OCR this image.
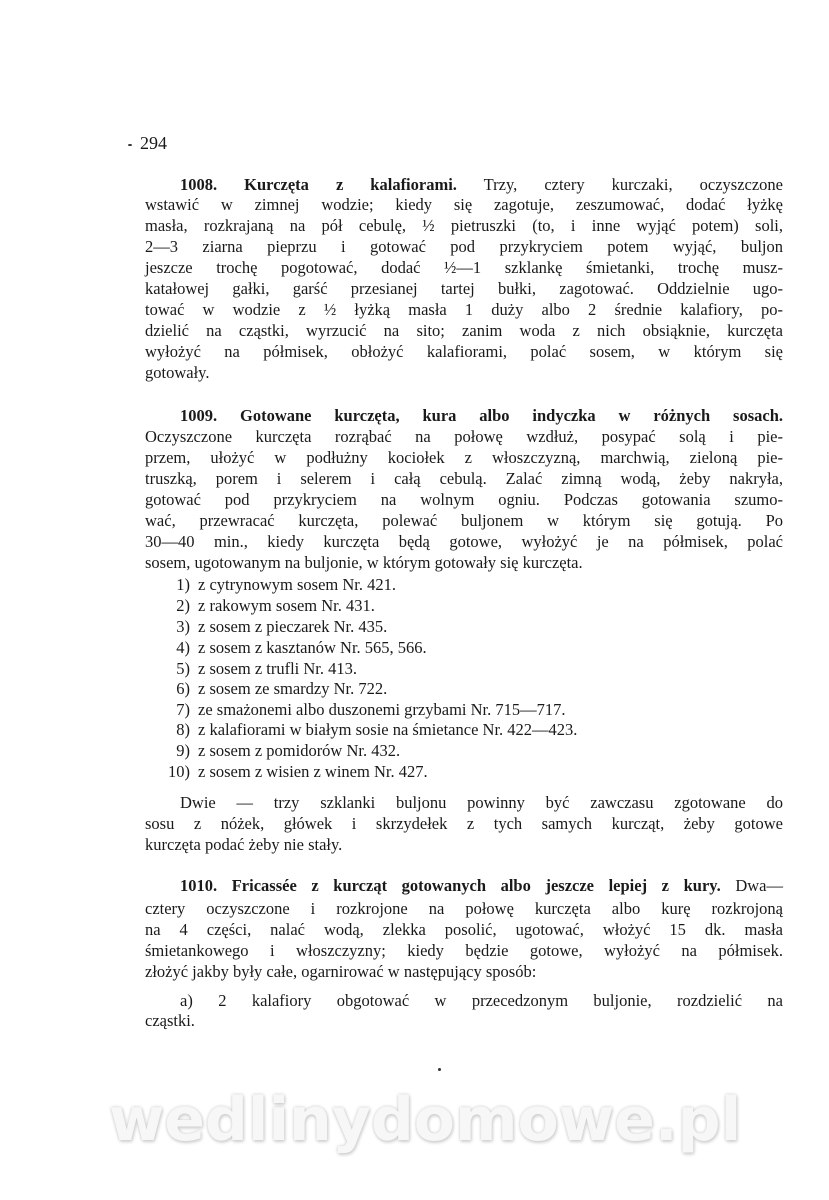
294
1008. Kurczęta z kalafiorami. Trzy, cztery kurczaki, oczyszczone
wstawić w zimnej wodzie; kiedy się zagotuje, zeszumować, dodać łyżkę
masła, rozkrajaną na pół cebulę, ½ pietruszki (to, i inne wyjąć potem) soli,
2—3 ziarna pieprzu i gotować pod przykryciem potem wyjąć, buljon
jeszcze trochę pogotować, dodać ½—1 szklankę śmietanki, trochę musz-
katałowej gałki, garść przesianej tartej bułki, zagotować. Oddzielnie ugo-
tować w wodzie z ½ łyżką masła 1 duży albo 2 średnie kalafiory, po-
dzielić na cząstki, wyrzucić na sito; zanim woda z nich obsiąknie, kurczęta
wyłożyć na półmisek, obłożyć kalafiorami, polać sosem, w którym się
gotowały.
1009. Gotowane kurczęta, kura albo indyczka w różnych sosach.
Oczyszczone kurczęta rozrąbać na połowę wzdłuż, posypać solą i pie-
przem, ułożyć w podłużny kociołek z włoszczyzną, marchwią, zieloną pie-
truszką, porem i selerem i całą cebulą. Zalać zimną wodą, żeby nakryła,
gotować pod przykryciem na wolnym ogniu. Podczas gotowania szumo-
wać, przewracać kurczęta, polewać buljonem w którym się gotują. Po
30—40 min., kiedy kurczęta będą gotowe, wyłożyć je na półmisek, polać
sosem, ugotowanym na buljonie, w którym gotowały się kurczęta.
1) z cytrynowym sosem Nr. 421.
2) z rakowym sosem Nr. 431.
3) z sosem z pieczarek Nr. 435.
4) z sosem z kasztanów Nr. 565, 566.
5) z sosem z trufli Nr. 413.
6) z sosem ze smardzy Nr. 722.
7) ze smażonemi albo duszonemi grzybami Nr. 715—717.
8) z kalafiorami w białym sosie na śmietance Nr. 422—423.
9) z sosem z pomidorów Nr. 432.
10) z sosem z wisien z winem Nr. 427.
Dwie — trzy szklanki buljonu powinny być zawczasu zgotowane do
sosu z nóżek, główek i skrzydełek z tych samych kurcząt, żeby gotowe
kurczęta podać żeby nie stały.
1010. Fricassée z kurcząt gotowanych albo jeszcze lepiej z kury. Dwa—
cztery oczyszczone i rozkrojone na połowę kurczęta albo kurę rozkrojoną
na 4 części, nalać wodą, zlekka posolić, ugotować, włożyć 15 dk. masła
śmietankowego i włoszczyzny; kiedy będzie gotowe, wyłożyć na półmisek.
złożyć jakby były całe, ogarnirować w następujący sposób:
a) 2 kalafiory obgotować w przecedzonym buljonie, rozdzielić na
cząstki.
wedlinydomowe.pl
